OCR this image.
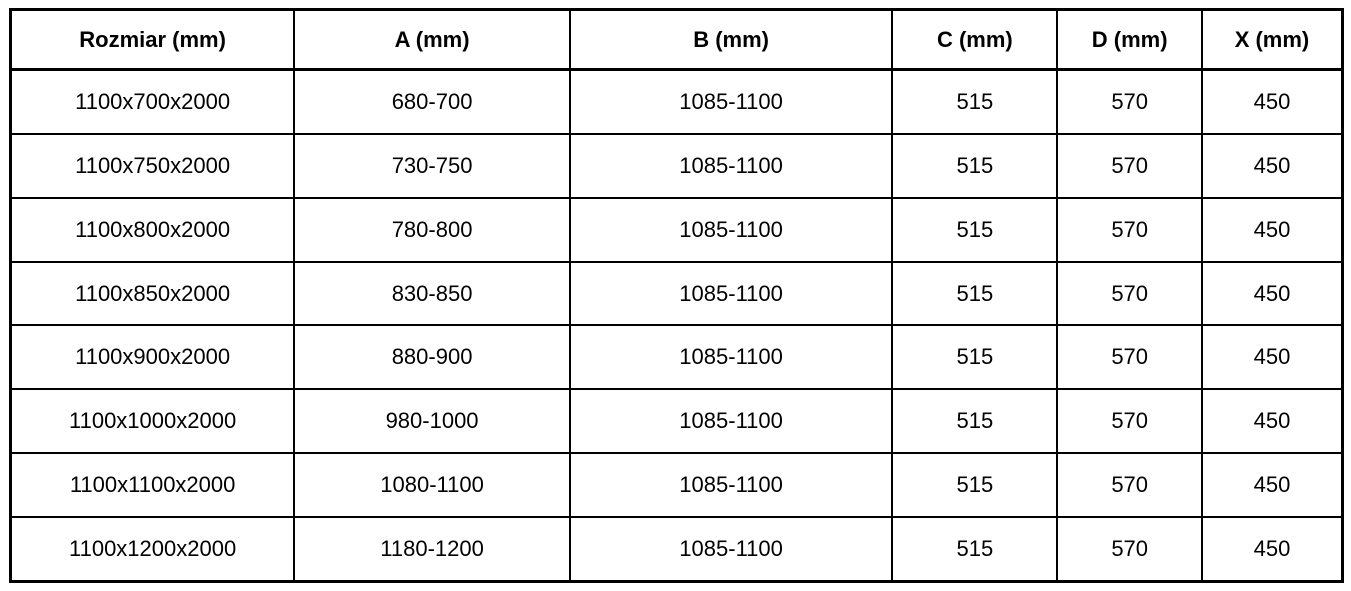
Rozmiar (mm)	A (mm)	B (mm)	C (mm)	D (mm)	X (mm)
1100x700x2000	680-700	1085-1100	515	570	450
1100x750x2000	730-750	1085-1100	515	570	450
1100x800x2000	780-800	1085-1100	515	570	450
1100x850x2000	830-850	1085-1100	515	570	450
1100x900x2000	880-900	1085-1100	515	570	450
1100x1000x2000	980-1000	1085-1100	515	570	450
1100x1100x2000	1080-1100	1085-1100	515	570	450
1100x1200x2000	1180-1200	1085-1100	515	570	450
